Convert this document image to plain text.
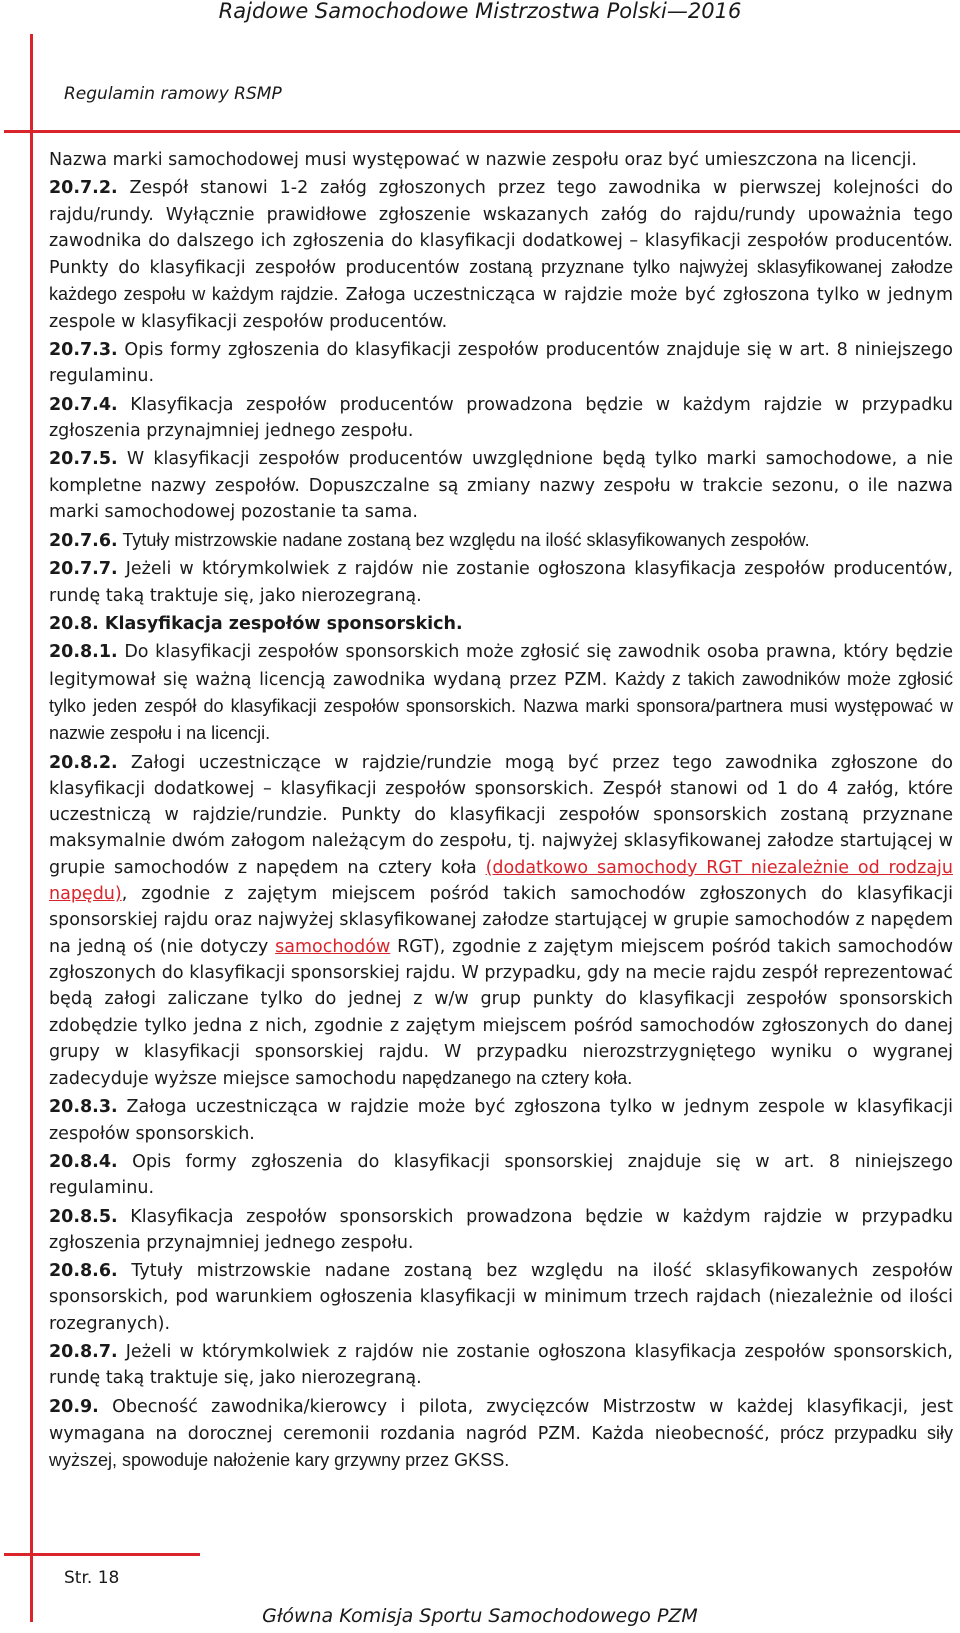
Rajdowe Samochodowe Mistrzostwa Polski—2016
Regulamin ramowy RSMP

Nazwa marki samochodowej musi występować w nazwie zespołu oraz być umieszczona na licencji.

20.7.2. Zespół stanowi 1-2 załóg zgłoszonych przez tego zawodnika w pierwszej kolejności do rajdu/rundy. Wyłącznie prawidłowe zgłoszenie wskazanych załóg do rajdu/rundy upoważnia tego zawodnika do dalszego ich zgłoszenia do klasyfikacji dodatkowej – klasyfikacji zespołów producentów. Punkty do klasyfikacji zespołów producentów zostaną przyznane tylko najwyżej sklasyfikowanej załodze każdego zespołu w każdym rajdzie. Załoga uczestnicząca w rajdzie może być zgłoszona tylko w jednym zespole w klasyfikacji zespołów producentów.

20.7.3. Opis formy zgłoszenia do klasyfikacji zespołów producentów znajduje się w art. 8 niniejszego regulaminu.

20.7.4. Klasyfikacja zespołów producentów prowadzona będzie w każdym rajdzie w przypadku zgłoszenia przynajmniej jednego zespołu.

20.7.5. W klasyfikacji zespołów producentów uwzględnione będą tylko marki samochodowe, a nie kompletne nazwy zespołów. Dopuszczalne są zmiany nazwy zespołu w trakcie sezonu, o ile nazwa marki samochodowej pozostanie ta sama.

20.7.6. Tytuły mistrzowskie nadane zostaną bez względu na ilość sklasyfikowanych zespołów.

20.7.7. Jeżeli w którymkolwiek z rajdów nie zostanie ogłoszona klasyfikacja zespołów producentów, rundę taką traktuje się, jako nierozegraną.

20.8. Klasyfikacja zespołów sponsorskich.

20.8.1. Do klasyfikacji zespołów sponsorskich może zgłosić się zawodnik osoba prawna, który będzie legitymował się ważną licencją zawodnika wydaną przez PZM. Każdy z takich zawodników może zgłosić tylko jeden zespół do klasyfikacji zespołów sponsorskich. Nazwa marki sponsora/partnera musi występować w nazwie zespołu i na licencji.

20.8.2. Załogi uczestniczące w rajdzie/rundzie mogą być przez tego zawodnika zgłoszone do klasyfikacji dodatkowej – klasyfikacji zespołów sponsorskich. Zespół stanowi od 1 do 4 załóg, które uczestniczą w rajdzie/rundzie. Punkty do klasyfikacji zespołów sponsorskich zostaną przyznane maksymalnie dwóm załogom należącym do zespołu, tj. najwyżej sklasyfikowanej załodze startującej w grupie samochodów z napędem na cztery koła (dodatkowo samochody RGT niezależnie od rodzaju napędu), zgodnie z zajętym miejscem pośród takich samochodów zgłoszonych do klasyfikacji sponsorskiej rajdu oraz najwyżej sklasyfikowanej załodze startującej w grupie samochodów z napędem na jedną oś (nie dotyczy samochodów RGT), zgodnie z zajętym miejscem pośród takich samochodów zgłoszonych do klasyfikacji sponsorskiej rajdu. W przypadku, gdy na mecie rajdu zespół reprezentować będą załogi zaliczane tylko do jednej z w/w grup punkty do klasyfikacji zespołów sponsorskich zdobędzie tylko jedna z nich, zgodnie z zajętym miejscem pośród samochodów zgłoszonych do danej grupy w klasyfikacji sponsorskiej rajdu. W przypadku nierozstrzygniętego wyniku o wygranej zadecyduje wyższe miejsce samochodu napędzanego na cztery koła.

20.8.3. Załoga uczestnicząca w rajdzie może być zgłoszona tylko w jednym zespole w klasyfikacji zespołów sponsorskich.

20.8.4. Opis formy zgłoszenia do klasyfikacji sponsorskiej znajduje się w art. 8 niniejszego regulaminu.

20.8.5. Klasyfikacja zespołów sponsorskich prowadzona będzie w każdym rajdzie w przypadku zgłoszenia przynajmniej jednego zespołu.

20.8.6. Tytuły mistrzowskie nadane zostaną bez względu na ilość sklasyfikowanych zespołów sponsorskich, pod warunkiem ogłoszenia klasyfikacji w minimum trzech rajdach (niezależnie od ilości rozegranych).

20.8.7. Jeżeli w którymkolwiek z rajdów nie zostanie ogłoszona klasyfikacja zespołów sponsorskich, rundę taką traktuje się, jako nierozegraną.

20.9. Obecność zawodnika/kierowcy i pilota, zwycięzców Mistrzostw w każdej klasyfikacji, jest wymagana na dorocznej ceremonii rozdania nagród PZM. Każda nieobecność, prócz przypadku siły wyższej, spowoduje nałożenie kary grzywny przez GKSS.

Str. 18
Główna Komisja Sportu Samochodowego PZM
